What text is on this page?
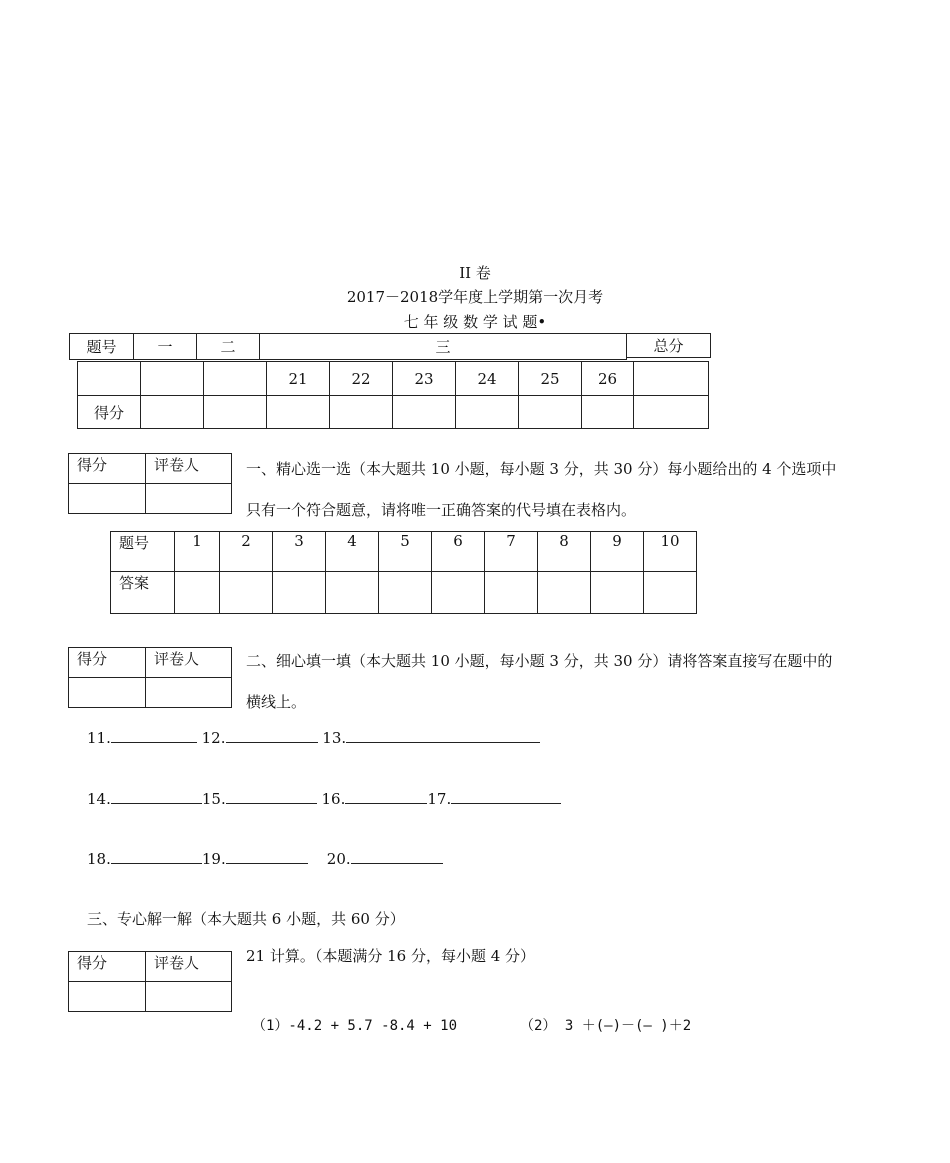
II 卷
2017－2018学年度上学期第一次月考
七 年 级 数 学 试 题•
题号	一	二	三	总分
			21	22	23	24	25	26	
得分									
得分	评卷人
		一、精心选一选（本大题共 10 小题，每小题 3 分，共 30 分）每小题给出的 4 个选项中
只有一个符合题意，请将唯一正确答案的代号填在表格内。
题号	1	2	3	4	5	6	7	8	9	10
答案										
得分	评卷人
		二、细心填一填（本大题共 10 小题，每小题 3 分，共 30 分）请将答案直接写在题中的
横线上。
11.	12.	13.
14.	15.	16.	17.
18.	19.	20.
三、专心解一解（本大题共 6 小题，共 60 分）
21 计算。（本题满分 16 分，每小题 4 分）
得分	评卷人

（1）-4.2 + 5.7 -8.4 + 10	（2） 3 ＋(—)－(— )＋2
